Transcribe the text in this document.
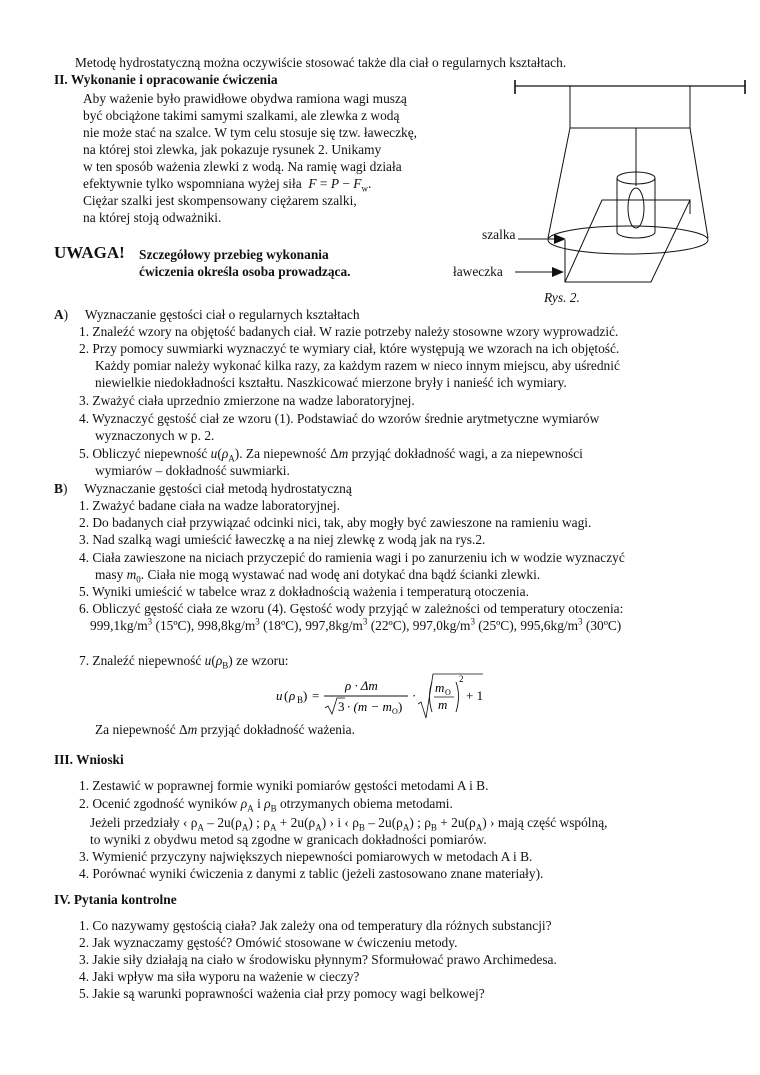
Metodę hydrostatyczną można oczywiście stosować także dla ciał o regularnych kształtach.
II. Wykonanie i opracowanie ćwiczenia
Aby ważenie było prawidłowe obydwa ramiona wagi muszą
być obciążone takimi samymi szalkami, ale zlewka z wodą
nie może stać na szalce. W tym celu stosuje się tzw. ławeczkę,
na której stoi zlewka, jak pokazuje rysunek 2. Unikamy
w ten sposób ważenia zlewki z wodą. Na ramię wagi działa
efektywnie tylko wspomniana wyżej siła $F = P - F_w$.
Ciężar szalki jest skompensowany ciężarem szalki,
na której stoją odważniki.
UWAGA! Szczegółowy przebieg wykonania
ćwiczenia określa osoba prowadząca.
szalka
ławeczka
Rys. 2.
A)     Wyznaczanie gęstości ciał o regularnych kształtach
1. Znaleźć wzory na objętość badanych ciał. W razie potrzeby należy stosowne wzory wyprowadzić.
2. Przy pomocy suwmiarki wyznaczyć te wymiary ciał, które występują we wzorach na ich objętość.
Każdy pomiar należy wykonać kilka razy, za każdym razem w nieco innym miejscu, aby uśrednić
niewielkie niedokładności kształtu. Naszkicować mierzone bryły i nanieść ich wymiary.
3. Zważyć ciała uprzednio zmierzone na wadze laboratoryjnej.
4. Wyznaczyć gęstość ciał ze wzoru (1). Podstawiać do wzorów średnie arytmetyczne wymiarów
wyznaczonych w p. 2.
5. Obliczyć niepewność $u(\rho_A)$. Za niepewność Δm przyjąć dokładność wagi, a za niepewności
wymiarów – dokładność suwmiarki.
B)     Wyznaczanie gęstości ciał metodą hydrostatyczną
1. Zważyć badane ciała na wadze laboratoryjnej.
2. Do badanych ciał przywiązać odcinki nici, tak, aby mogły być zawieszone na ramieniu wagi.
3. Nad szalką wagi umieścić ławeczkę a na niej zlewkę z wodą jak na rys.2.
4. Ciała zawieszone na niciach przyczepić do ramienia wagi i po zanurzeniu ich w wodzie wyznaczyć
masy $m_0$. Ciała nie mogą wystawać nad wodę ani dotykać dna bądź ścianki zlewki.
5. Wyniki umieścić w tabelce wraz z dokładnością ważenia i temperaturą otoczenia.
6. Obliczyć gęstość ciała ze wzoru (4). Gęstość wody przyjąć w zależności od temperatury otoczenia:
$999,1kg/m^3$ (15ºC), $998,8kg/m^3$ (18ºC), $997,8kg/m^3$ (22ºC), $997,0kg/m^3$ (25ºC), $995,6kg/m^3$ (30ºC)
7. Znaleźć niepewność $u(\rho_B)$ ze wzoru:
u ( ρ B ) =
ρ · Δm
3 · (m − m O )
·
m O
m
2
+ 1
Za niepewność Δm przyjąć dokładność ważenia.
III. Wnioski
1. Zestawić w poprawnej formie wyniki pomiarów gęstości metodami A i B.
2. Ocenić zgodność wyników $\rho_A$ i $\rho_B$ otrzymanych obiema metodami.
Jeżeli przedziały ‹ $\rho_A - 2u(\rho_A)$ ; $\rho_A + 2u(\rho_A)$ › i ‹ $\rho_B - 2u(\rho_A)$ ; $\rho_B + 2u(\rho_A)$ › mają część wspólną,
to wyniki z obydwu metod są zgodne w granicach dokładności pomiarów.
3. Wymienić przyczyny największych niepewności pomiarowych w metodach A i B.
4. Porównać wyniki ćwiczenia z danymi z tablic (jeżeli zastosowano znane materiały).
IV. Pytania kontrolne
1. Co nazywamy gęstością ciała? Jak zależy ona od temperatury dla różnych substancji?
2. Jak wyznaczamy gęstość? Omówić stosowane w ćwiczeniu metody.
3. Jakie siły działają na ciało w środowisku płynnym? Sformułować prawo Archimedesa.
4. Jaki wpływ ma siła wyporu na ważenie w cieczy?
5. Jakie są warunki poprawności ważenia ciał przy pomocy wagi belkowej?
